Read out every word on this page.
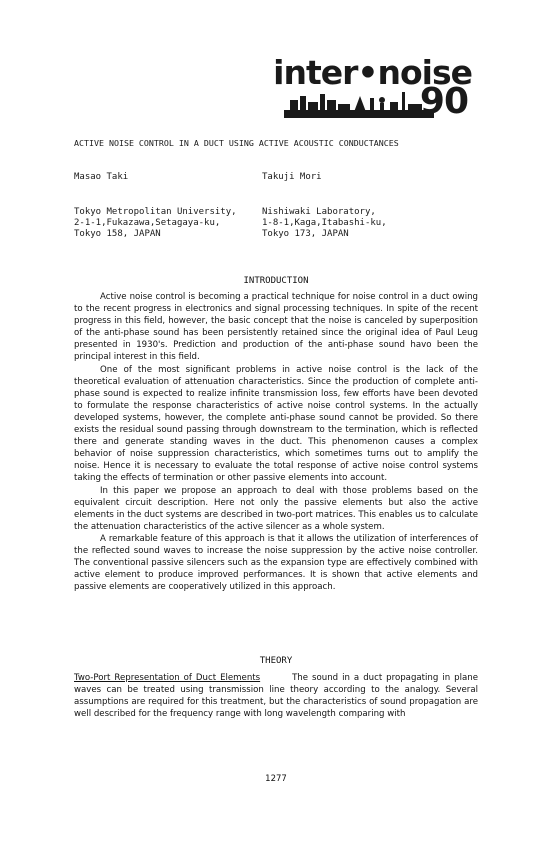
inter•noise
90
ACTIVE NOISE CONTROL IN A DUCT USING ACTIVE ACOUSTIC CONDUCTANCES
Masao Taki	Takuji Mori
Tokyo Metropolitan University,
2-1-1,Fukazawa,Setagaya-ku,
Tokyo 158, JAPAN
Nishiwaki Laboratory,
1-8-1,Kaga,Itabashi-ku,
Tokyo 173, JAPAN
INTRODUCTION

Active noise control is becoming a practical technique for noise control in a duct owing to the recent progress in electronics and signal processing techniques. In spite of the recent progress in this field, however, the basic concept that the noise is canceled by superposition of the anti-phase sound has been persistently retained since the original idea of Paul Leug presented in 1930's. Prediction and production of the anti-phase sound havo been the principal interest in this field.

One of the most significant problems in active noise control is the lack of the theoretical evaluation of attenuation characteristics. Since the production of complete anti-phase sound is expected to realize infinite transmission loss, few efforts have been devoted to formulate the response characteristics of active noise control systems. In the actually developed systems, however, the complete anti-phase sound cannot be provided. So there exists the residual sound passing through downstream to the termination, which is reflected there and generate standing waves in the duct. This phenomenon causes a complex behavior of noise suppression characteristics, which sometimes turns out to amplify the noise. Hence it is necessary to evaluate the total response of active noise control systems taking the effects of termination or other passive elements into account.

In this paper we propose an approach to deal with those problems based on the equivalent circuit description. Here not only the passive elements but also the active elements in the duct systems are described in two-port matrices. This enables us to calculate the attenuation characteristics of the active silencer as a whole system.

A remarkable feature of this approach is that it allows the utilization of interferences of the reflected sound waves to increase the noise suppression by the active noise controller. The conventional passive silencers such as the expansion type are effectively combined with active element to produce improved performances. It is shown that active elements and passive elements are cooperatively utilized in this approach.

THEORY

Two-Port Representation of Duct Elements	The sound in a duct propagating in plane waves can be treated using transmission line theory according to the analogy. Several assumptions are required for this treatment, but the characteristics of sound propagation are well described for the frequency range with long wavelength comparing with

1277
